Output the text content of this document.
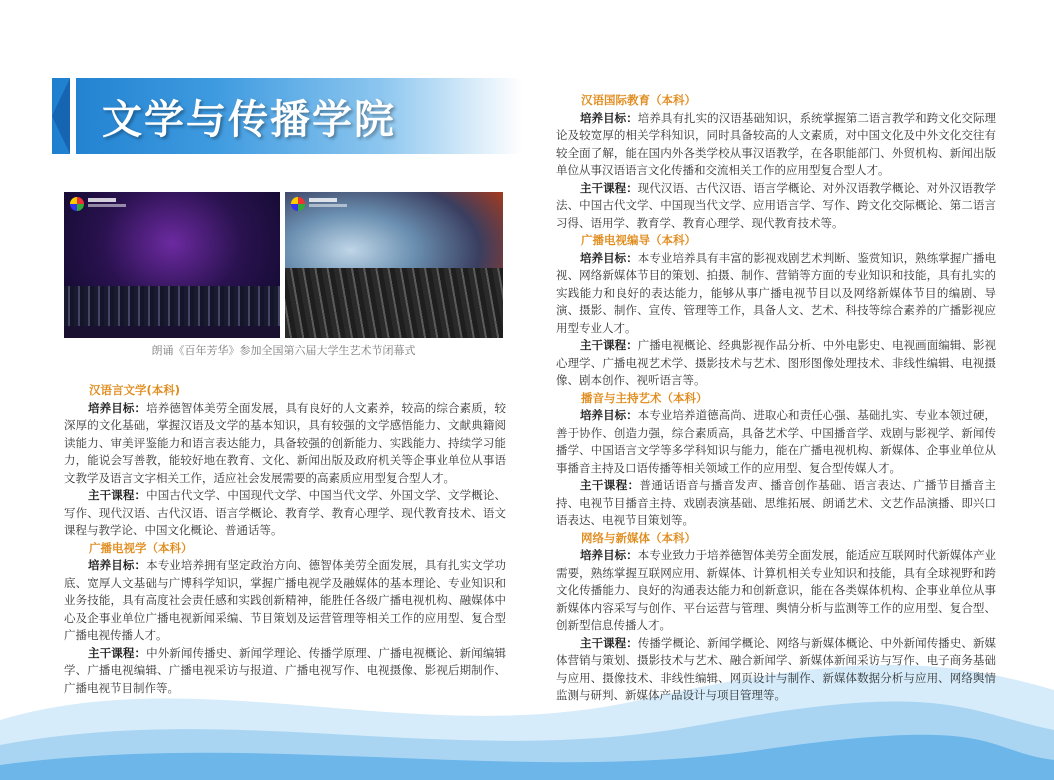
文学与传播学院
朗诵《百年芳华》参加全国第六届大学生艺术节闭幕式

汉语言文学(本科)

培养目标：培养德智体美劳全面发展，具有良好的人文素养，较高的综合素质，较深厚的文化基础，掌握汉语及文学的基本知识，具有较强的文学感悟能力、文献典籍阅读能力、审美评鉴能力和语言表达能力，具备较强的创新能力、实践能力、持续学习能力，能说会写善教，能较好地在教育、文化、新闻出版及政府机关等企事业单位从事语文教学及语言文字相关工作，适应社会发展需要的高素质应用型复合型人才。

主干课程：中国古代文学、中国现代文学、中国当代文学、外国文学、文学概论、写作、现代汉语、古代汉语、语言学概论、教育学、教育心理学、现代教育技术、语文课程与教学论、中国文化概论、普通话等。

广播电视学（本科）

培养目标：本专业培养拥有坚定政治方向、德智体美劳全面发展，具有扎实文学功底、宽厚人文基础与广博科学知识，掌握广播电视学及融媒体的基本理论、专业知识和业务技能，具有高度社会责任感和实践创新精神，能胜任各级广播电视机构、融媒体中心及企事业单位广播电视新闻采编、节目策划及运营管理等相关工作的应用型、复合型广播电视传播人才。

主干课程：中外新闻传播史、新闻学理论、传播学原理、广播电视概论、新闻编辑学、广播电视编辑、广播电视采访与报道、广播电视写作、电视摄像、影视后期制作、广播电视节目制作等。

汉语国际教育（本科）

培养目标：培养具有扎实的汉语基础知识，系统掌握第二语言教学和跨文化交际理论及较宽厚的相关学科知识，同时具备较高的人文素质，对中国文化及中外文化交往有较全面了解，能在国内外各类学校从事汉语教学，在各职能部门、外贸机构、新闻出版单位从事汉语语言文化传播和交流相关工作的应用型复合型人才。

主干课程：现代汉语、古代汉语、语言学概论、对外汉语教学概论、对外汉语教学法、中国古代文学、中国现当代文学、应用语言学、写作、跨文化交际概论、第二语言习得、语用学、教育学、教育心理学、现代教育技术等。

广播电视编导（本科）

培养目标：本专业培养具有丰富的影视戏剧艺术判断、鉴赏知识，熟练掌握广播电视、网络新媒体节目的策划、拍摄、制作、营销等方面的专业知识和技能，具有扎实的实践能力和良好的表达能力，能够从事广播电视节目以及网络新媒体节目的编剧、导演、摄影、制作、宣传、管理等工作，具备人文、艺术、科技等综合素养的广播影视应用型专业人才。

主干课程：广播电视概论、经典影视作品分析、中外电影史、电视画面编辑、影视心理学、广播电视艺术学、摄影技术与艺术、图形图像处理技术、非线性编辑、电视摄像、剧本创作、视听语言等。

播音与主持艺术（本科）

培养目标：本专业培养道德高尚、进取心和责任心强、基础扎实、专业本领过硬，善于协作、创造力强，综合素质高，具备艺术学、中国播音学、戏剧与影视学、新闻传播学、中国语言文学等多学科知识与能力，能在广播电视机构、新媒体、企事业单位从事播音主持及口语传播等相关领域工作的应用型、复合型传媒人才。

主干课程：普通话语音与播音发声、播音创作基础、语言表达、广播节目播音主持、电视节目播音主持、戏剧表演基础、思维拓展、朗诵艺术、文艺作品演播、即兴口语表达、电视节目策划等。

网络与新媒体（本科）

培养目标：本专业致力于培养德智体美劳全面发展，能适应互联网时代新媒体产业需要，熟练掌握互联网应用、新媒体、计算机相关专业知识和技能，具有全球视野和跨文化传播能力、良好的沟通表达能力和创新意识，能在各类媒体机构、企事业单位从事新媒体内容采写与创作、平台运营与管理、舆情分析与监测等工作的应用型、复合型、创新型信息传播人才。

主干课程：传播学概论、新闻学概论、网络与新媒体概论、中外新闻传播史、新媒体营销与策划、摄影技术与艺术、融合新闻学、新媒体新闻采访与写作、电子商务基础与应用、摄像技术、非线性编辑、网页设计与制作、新媒体数据分析与应用、网络舆情监测与研判、新媒体产品设计与项目管理等。
